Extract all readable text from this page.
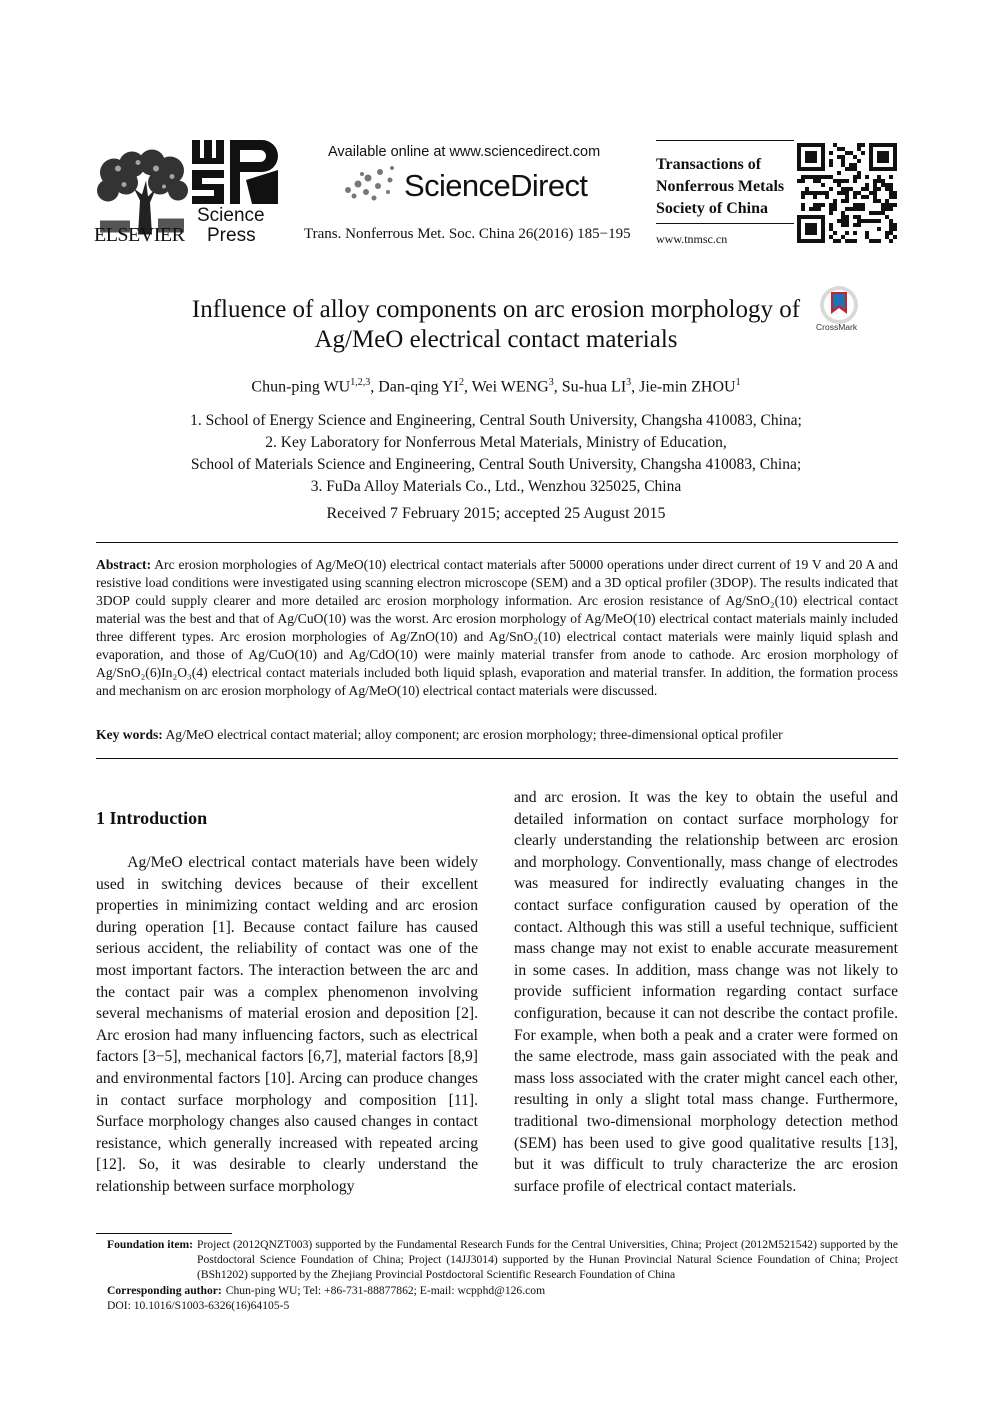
ELSEVIER
Science
Press
Available online at www.sciencedirect.com
ScienceDirect
Trans. Nonferrous Met. Soc. China 26(2016) 185−195
Transactions of
Nonferrous Metals
Society of China
www.tnmsc.cn
Influence of alloy components on arc erosion morphology of
Ag/MeO electrical contact materials	CrossMark
Chun-ping WU$^{1,2,3}$, Dan-qing $YI^2$, Wei WENG$^3$, Su-hua $LI^3$, Jie-min ZHOU$^1$
1. School of Energy Science and Engineering, Central South University, Changsha 410083, China;
2. Key Laboratory for Nonferrous Metal Materials, Ministry of Education,
School of Materials Science and Engineering, Central South University, Changsha 410083, China;
3. FuDa Alloy Materials Co., Ltd., Wenzhou 325025, China
Received 7 February 2015; accepted 25 August 2015
Abstract: Arc erosion morphologies of Ag/MeO(10) electrical contact materials after 50000 operations under direct current of 19 V and 20 A and resistive load conditions were investigated using scanning electron microscope (SEM) and a 3D optical profiler (3DOP). The results indicated that 3DOP could supply clearer and more detailed arc erosion morphology information. Arc erosion resistance of Ag/SnO₂(10) electrical contact material was the best and that of Ag/CuO(10) was the worst. Arc erosion morphology of Ag/MeO(10) electrical contact materials mainly included three different types. Arc erosion morphologies of Ag/ZnO(10) and Ag/SnO₂(10) electrical contact materials were mainly liquid splash and evaporation, and those of Ag/CuO(10) and Ag/CdO(10) were mainly material transfer from anode to cathode. Arc erosion morphology of Ag/SnO₂(6)In₂O₃(4) electrical contact materials included both liquid splash, evaporation and material transfer. In addition, the formation process and mechanism on arc erosion morphology of Ag/MeO(10) electrical contact materials were discussed.
Key words: Ag/MeO electrical contact material; alloy component; arc erosion morphology; three-dimensional optical profiler
1 Introduction

Ag/MeO electrical contact materials have been widely used in switching devices because of their excellent properties in minimizing contact welding and arc erosion during operation [1]. Because contact failure has caused serious accident, the reliability of contact was one of the most important factors. The interaction between the arc and the contact pair was a complex phenomenon involving several mechanisms of material erosion and deposition [2]. Arc erosion had many influencing factors, such as electrical factors [3−5], mechanical factors [6,7], material factors [8,9] and environmental factors [10]. Arcing can produce changes in contact surface morphology and composition [11]. Surface morphology changes also caused changes in contact resistance, which generally increased with repeated arcing [12]. So, it was desirable to clearly understand the relationship between surface morphology

and arc erosion. It was the key to obtain the useful and detailed information on contact surface morphology for clearly understanding the relationship between arc erosion and morphology. Conventionally, mass change of electrodes was measured for indirectly evaluating changes in the contact surface configuration caused by operation of the contact. Although this was still a useful technique, sufficient mass change may not exist to enable accurate measurement in some cases. In addition, mass change was not likely to provide sufficient information regarding contact surface configuration, because it can not describe the contact profile. For example, when both a peak and a crater were formed on the same electrode, mass gain associated with the peak and mass loss associated with the crater might cancel each other, resulting in only a slight total mass change. Furthermore, traditional two-dimensional morphology detection method (SEM) has been used to give good qualitative results [13], but it was difficult to truly characterize the arc erosion surface profile of electrical contact materials.

Foundation item: Project (2012QNZT003) supported by the Fundamental Research Funds for the Central Universities, China; Project (2012M521542) supported by the Postdoctoral Science Foundation of China; Project (14JJ3014) supported by the Hunan Provincial Natural Science Foundation of China; Project (BSh1202) supported by the Zhejiang Provincial Postdoctoral Scientific Research Foundation of China
Corresponding author: Chun-ping WU; Tel: +86-731-88877862; E-mail: wcpphd@126.com
DOI: 10.1016/S1003-6326(16)64105-5
